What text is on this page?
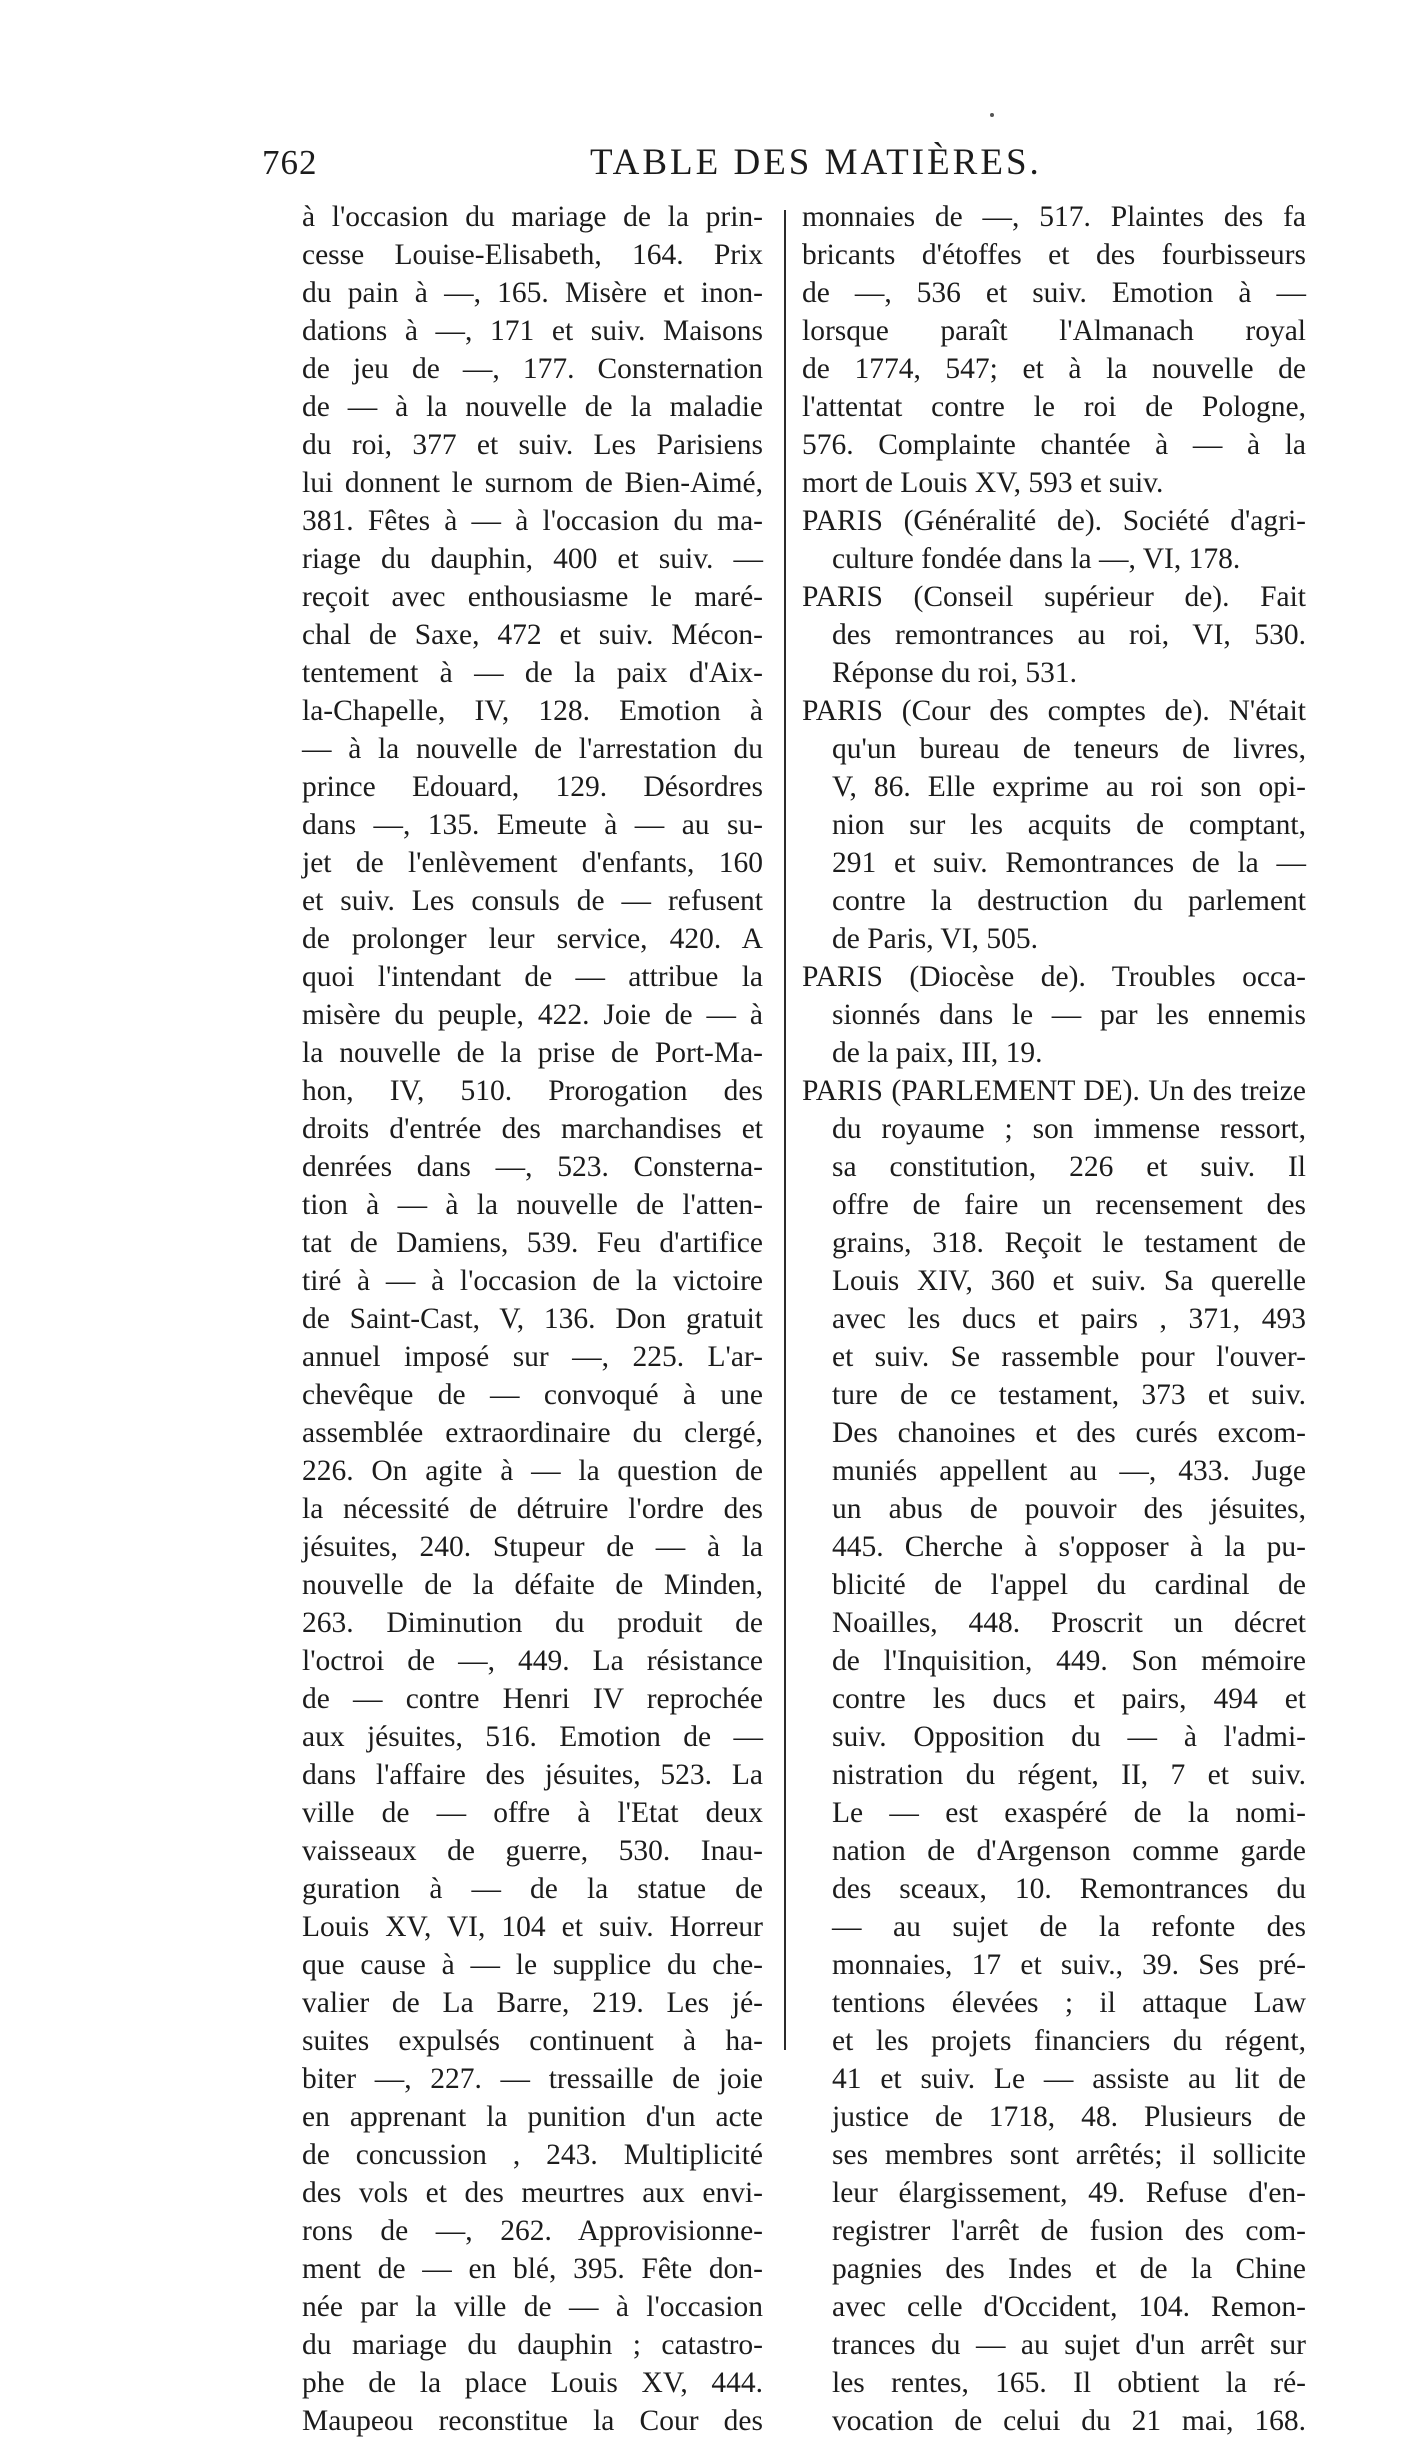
762	TABLE DES MATIÈRES.
à l'occasion du mariage de la prin-
cesse Louise-Elisabeth, 164. Prix
du pain à —, 165. Misère et inon-
dations à —, 171 et suiv. Maisons
de jeu de —, 177. Consternation
de — à la nouvelle de la maladie
du roi, 377 et suiv. Les Parisiens
lui donnent le surnom de Bien-Aimé,
381. Fêtes à — à l'occasion du ma-
riage du dauphin, 400 et suiv. —
reçoit avec enthousiasme le maré-
chal de Saxe, 472 et suiv. Mécon-
tentement à — de la paix d'Aix-
la-Chapelle, IV, 128. Emotion à
— à la nouvelle de l'arrestation du
prince Edouard, 129. Désordres
dans —, 135. Emeute à — au su-
jet de l'enlèvement d'enfants, 160
et suiv. Les consuls de — refusent
de prolonger leur service, 420. A
quoi l'intendant de — attribue la
misère du peuple, 422. Joie de — à
la nouvelle de la prise de Port-Ma-
hon, IV, 510. Prorogation des
droits d'entrée des marchandises et
denrées dans —, 523. Consterna-
tion à — à la nouvelle de l'atten-
tat de Damiens, 539. Feu d'artifice
tiré à — à l'occasion de la victoire
de Saint-Cast, V, 136. Don gratuit
annuel imposé sur —, 225. L'ar-
chevêque de — convoqué à une
assemblée extraordinaire du clergé,
226. On agite à — la question de
la nécessité de détruire l'ordre des
jésuites, 240. Stupeur de — à la
nouvelle de la défaite de Minden,
263. Diminution du produit de
l'octroi de —, 449. La résistance
de — contre Henri IV reprochée
aux jésuites, 516. Emotion de —
dans l'affaire des jésuites, 523. La
ville de — offre à l'Etat deux
vaisseaux de guerre, 530. Inau-
guration à — de la statue de
Louis XV, VI, 104 et suiv. Horreur
que cause à — le supplice du che-
valier de La Barre, 219. Les jé-
suites expulsés continuent à ha-
biter —, 227. — tressaille de joie
en apprenant la punition d'un acte
de concussion , 243. Multiplicité
des vols et des meurtres aux envi-
rons de —, 262. Approvisionne-
ment de — en blé, 395. Fête don-
née par la ville de — à l'occasion
du mariage du dauphin ; catastro-
phe de la place Louis XV, 444.
Maupeou reconstitue la Cour des
monnaies de —, 517. Plaintes des fa
bricants d'étoffes et des fourbisseurs
de —, 536 et suiv. Emotion à —
lorsque paraît l'Almanach royal
de 1774, 547; et à la nouvelle de
l'attentat contre le roi de Pologne,
576. Complainte chantée à — à la
mort de Louis XV, 593 et suiv.
PARIS (Généralité de). Société d'agri-
culture fondée dans la —, VI, 178.
PARIS (Conseil supérieur de). Fait
des remontrances au roi, VI, 530.
Réponse du roi, 531.
PARIS (Cour des comptes de). N'était
qu'un bureau de teneurs de livres,
V, 86. Elle exprime au roi son opi-
nion sur les acquits de comptant,
291 et suiv. Remontrances de la —
contre la destruction du parlement
de Paris, VI, 505.
PARIS (Diocèse de). Troubles occa-
sionnés dans le — par les ennemis
de la paix, III, 19.
PARIS (PARLEMENT DE). Un des treize
du royaume ; son immense ressort,
sa constitution, 226 et suiv. Il
offre de faire un recensement des
grains, 318. Reçoit le testament de
Louis XIV, 360 et suiv. Sa querelle
avec les ducs et pairs , 371, 493
et suiv. Se rassemble pour l'ouver-
ture de ce testament, 373 et suiv.
Des chanoines et des curés excom-
muniés appellent au —, 433. Juge
un abus de pouvoir des jésuites,
445. Cherche à s'opposer à la pu-
blicité de l'appel du cardinal de
Noailles, 448. Proscrit un décret
de l'Inquisition, 449. Son mémoire
contre les ducs et pairs, 494 et
suiv. Opposition du — à l'admi-
nistration du régent, II, 7 et suiv.
Le — est exaspéré de la nomi-
nation de d'Argenson comme garde
des sceaux, 10. Remontrances du
— au sujet de la refonte des
monnaies, 17 et suiv., 39. Ses pré-
tentions élevées ; il attaque Law
et les projets financiers du régent,
41 et suiv. Le — assiste au lit de
justice de 1718, 48. Plusieurs de
ses membres sont arrêtés; il sollicite
leur élargissement, 49. Refuse d'en-
registrer l'arrêt de fusion des com-
pagnies des Indes et de la Chine
avec celle d'Occident, 104. Remon-
trances du — au sujet d'un arrêt sur
les rentes, 165. Il obtient la ré-
vocation de celui du 21 mai, 168.
